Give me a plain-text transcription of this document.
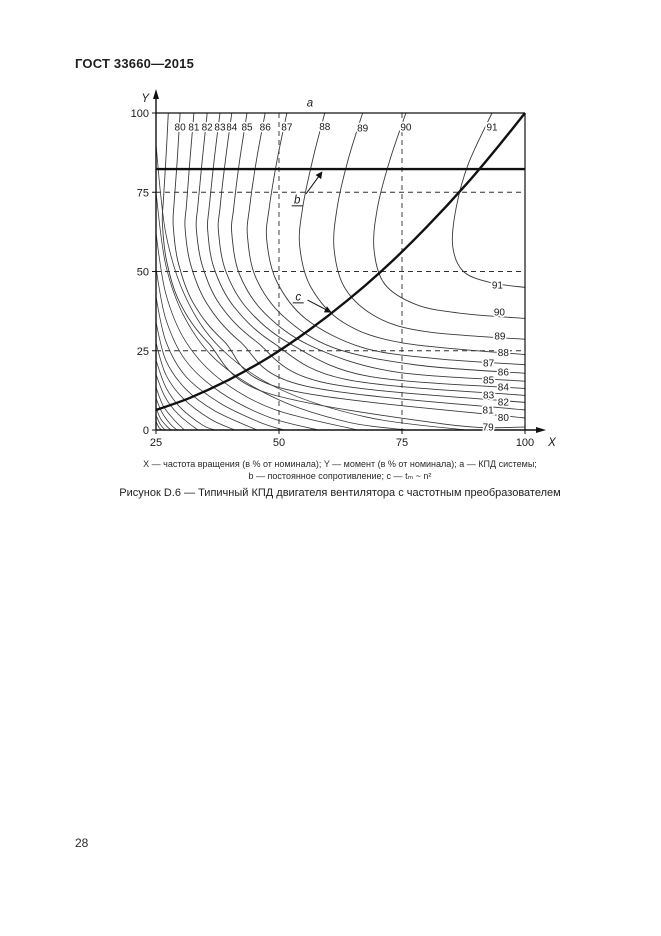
ГОСТ 33660—2015
0
25
50
75
100
25	50	75	100
Y
X
91
91
90
90
89
89
88
88
87
87
86
86
85
85
84
84
83
83
82
82
81
81
80
80
79
a
b
c
X — частота вращения (в % от номинала); Y — момент (в % от номинала); a — КПД системы;
b — постоянное сопротивление; c — tₘ ~ n²
Рисунок D.6 — Типичный КПД двигателя вентилятора с частотным преобразователем
28
